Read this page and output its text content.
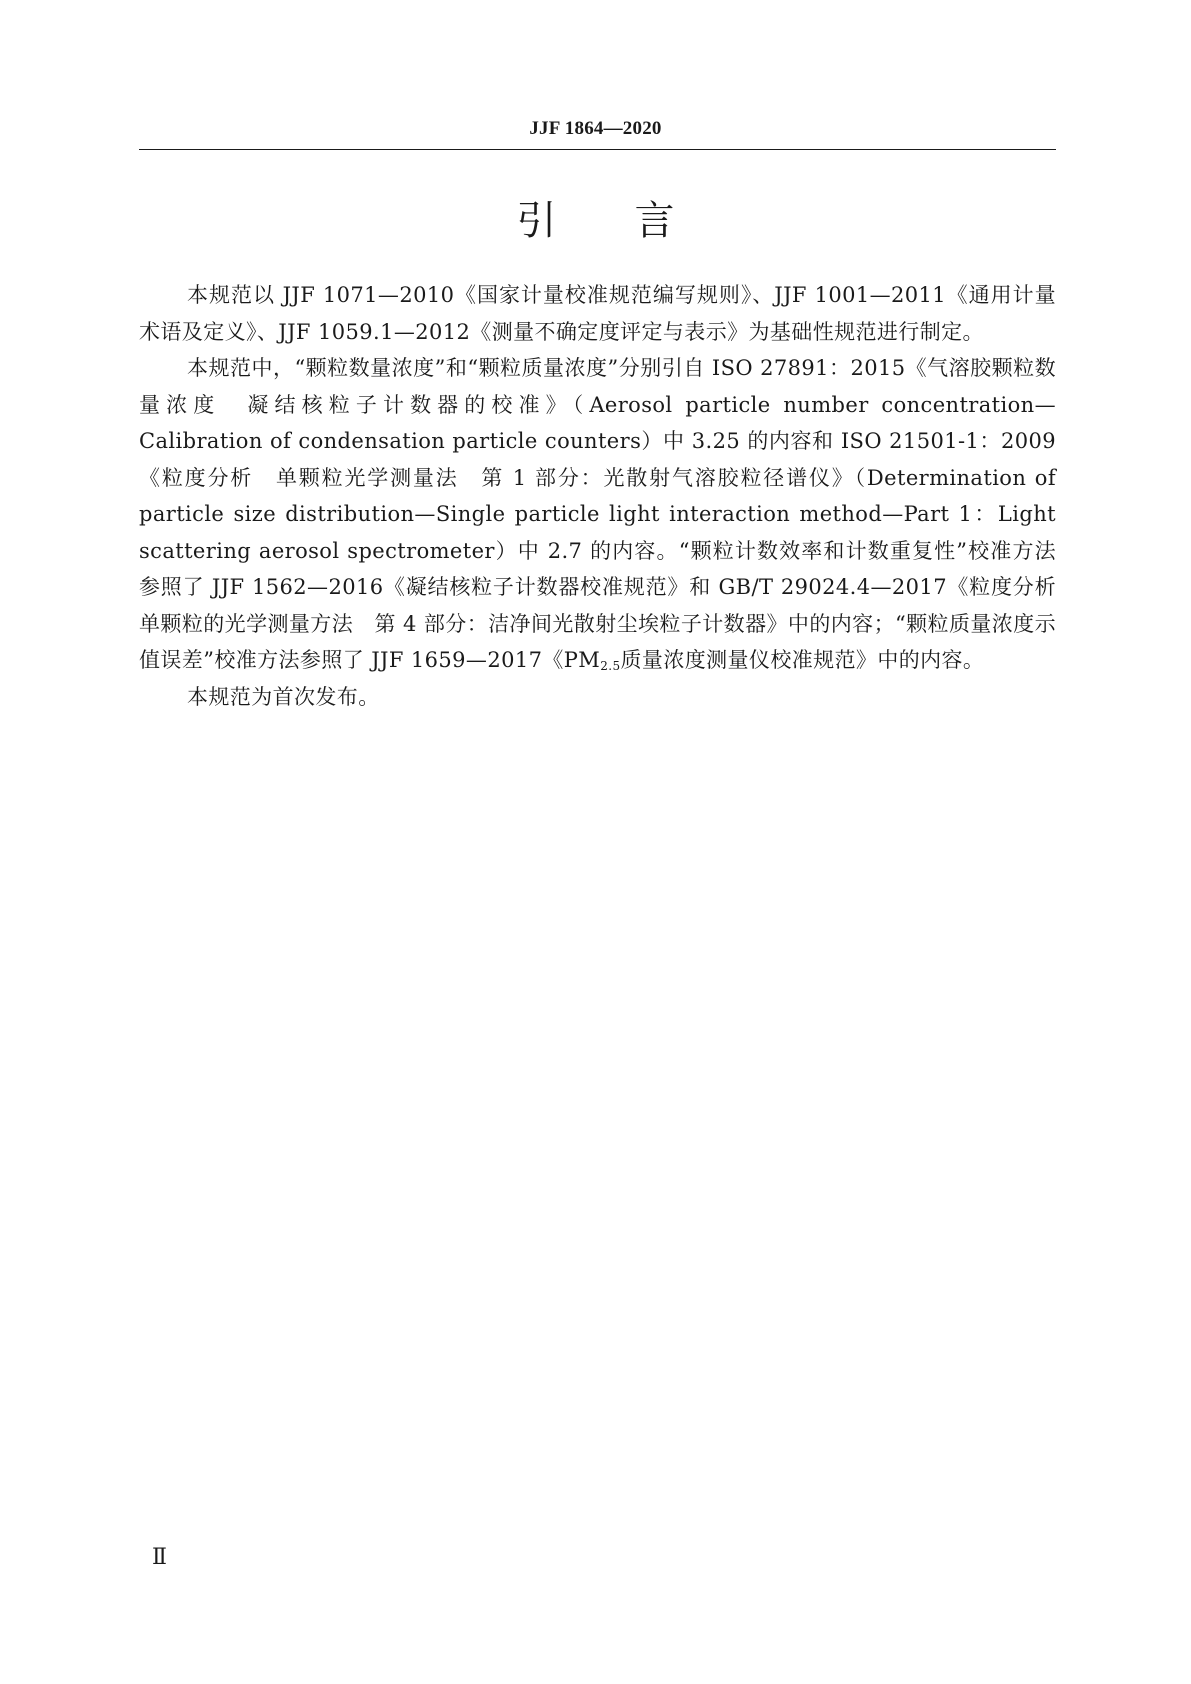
JJF 1864—2020
引言

本规范以 JJF 1071—2010《国家计量校准规范编写规则》、JJF 1001—2011《通用计量术语及定义》、JJF 1059.1—2012《测量不确定度评定与表示》为基础性规范进行制定。

本规范中，“颗粒数量浓度”和“颗粒质量浓度”分别引自 ISO 27891：2015《气溶胶颗粒数量浓度　凝结核粒子计数器的校准》（Aerosol particle number concentration—Calibration of condensation particle counters）中 3.25 的内容和 ISO 21501-1：2009《粒度分析　单颗粒光学测量法　第 1 部分：光散射气溶胶粒径谱仪》（Determination of particle size distribution—Single particle light interaction method—Part 1：Light scattering aerosol spectrometer）中 2.7 的内容。“颗粒计数效率和计数重复性”校准方法参照了 JJF 1562—2016《凝结核粒子计数器校准规范》和 GB/T 29024.4—2017《粒度分析　单颗粒的光学测量方法　第 4 部分：洁净间光散射尘埃粒子计数器》中的内容；“颗粒质量浓度示值误差”校准方法参照了 JJF 1659—2017《$PM_{2.5}$质量浓度测量仪校准规范》中的内容。

本规范为首次发布。

Ⅱ
